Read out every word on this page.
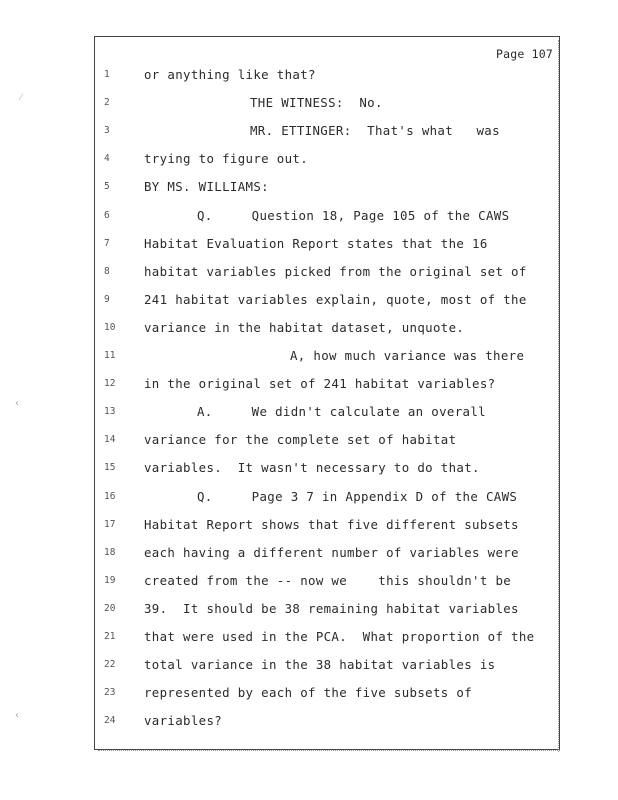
⁄
‹
‹
Page 107
1	or anything like that?
2	THE WITNESS:  No.
3	MR. ETTINGER:  That's what   was
4	trying to figure out.
5	BY MS. WILLIAMS:
6	Q.     Question 18, Page 105 of the CAWS
7	Habitat Evaluation Report states that the 16
8	habitat variables picked from the original set of
9	241 habitat variables explain, quote, most of the
10	variance in the habitat dataset, unquote.
11	A, how much variance was there
12	in the original set of 241 habitat variables?
13	A.     We didn't calculate an overall
14	variance for the complete set of habitat
15	variables.  It wasn't necessary to do that.
16	Q.     Page 3 7 in Appendix D of the CAWS
17	Habitat Report shows that five different subsets
18	each having a different number of variables were
19	created from the -- now we    this shouldn't be
20	39.  It should be 38 remaining habitat variables
21	that were used in the PCA.  What proportion of the
22	total variance in the 38 habitat variables is
23	represented by each of the five subsets of
24	variables?
